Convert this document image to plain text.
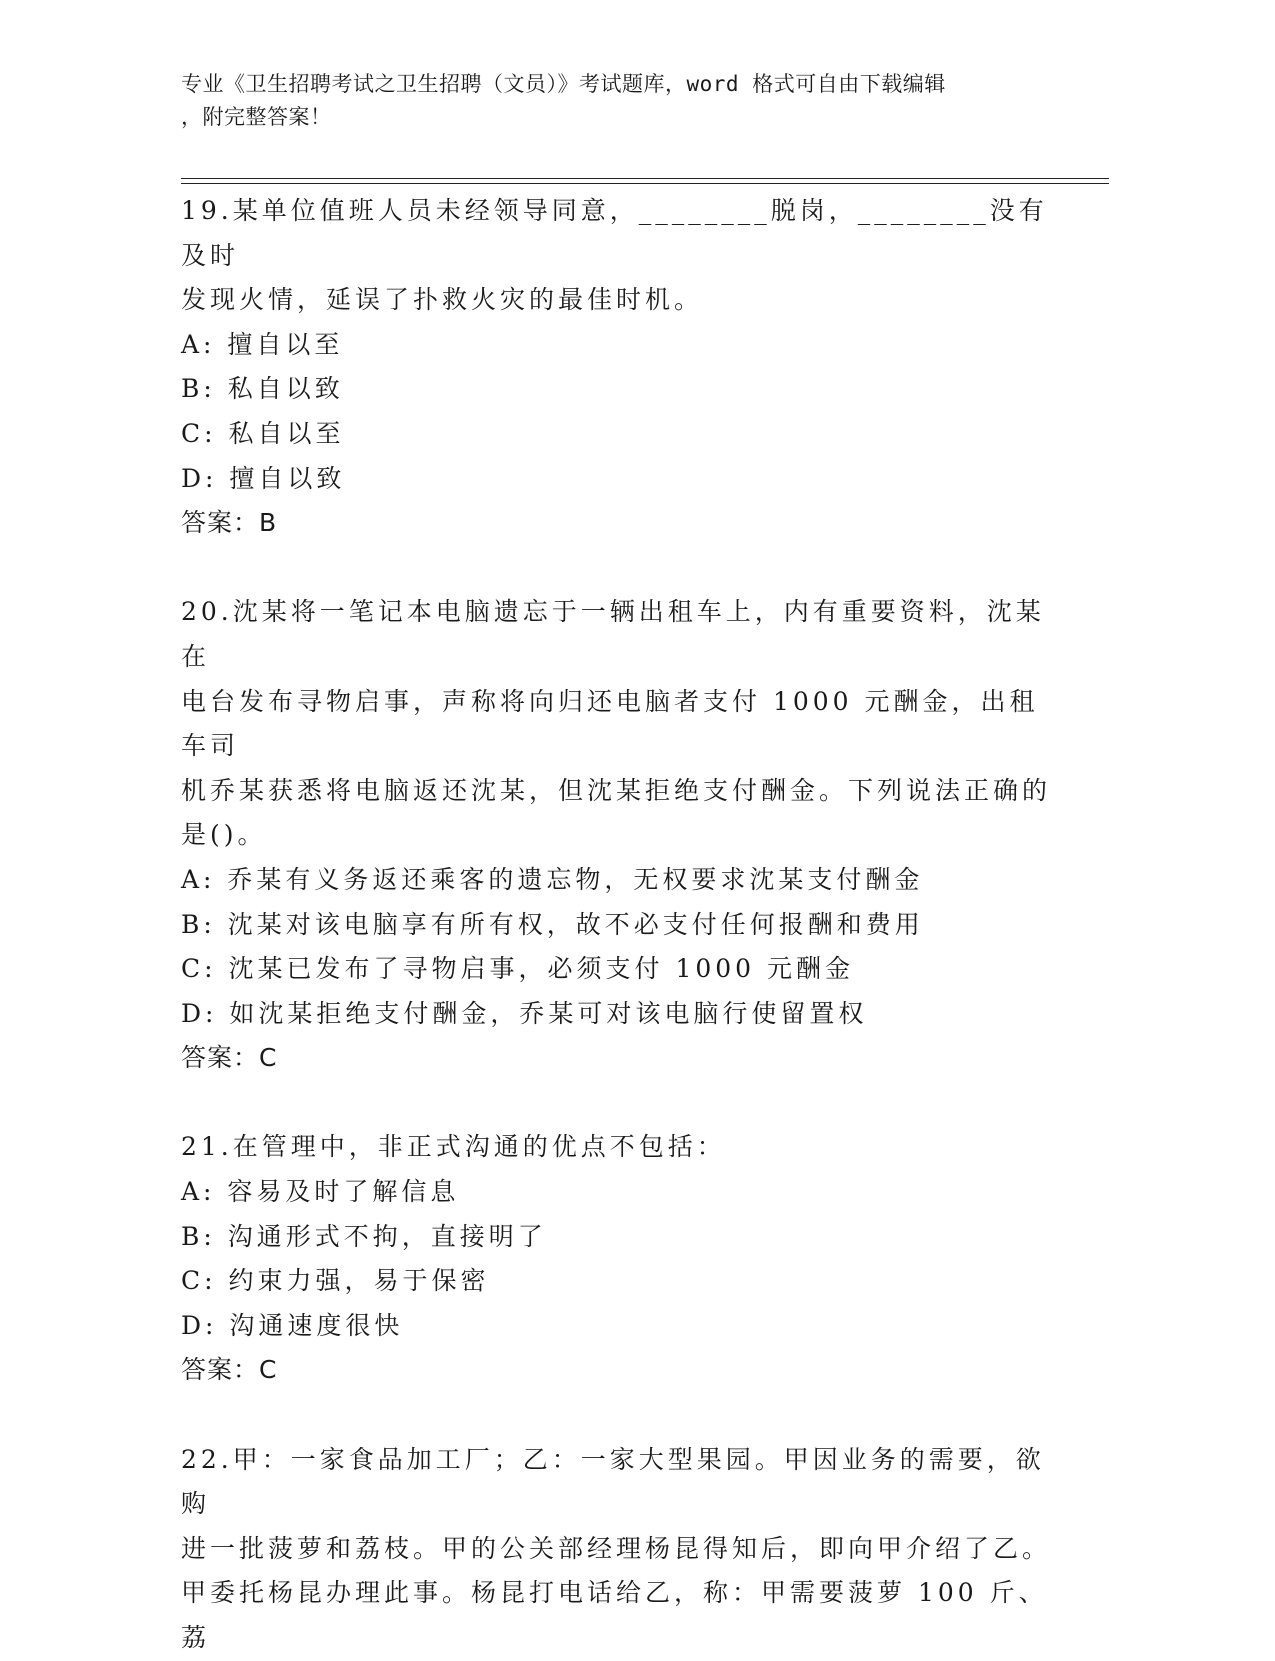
专业《卫生招聘考试之卫生招聘（文员）》考试题库，word 格式可自由下载编辑
，附完整答案！

19.某单位值班人员未经领导同意，________脱岗，________没有及时

发现火情，延误了扑救火灾的最佳时机。

A: 擅自以至

B: 私自以致

C: 私自以至

D: 擅自以致

答案：B

20.沈某将一笔记本电脑遗忘于一辆出租车上，内有重要资料，沈某在

电台发布寻物启事，声称将向归还电脑者支付 1000 元酬金，出租车司

机乔某获悉将电脑返还沈某，但沈某拒绝支付酬金。下列说法正确的

是()。

A: 乔某有义务返还乘客的遗忘物，无权要求沈某支付酬金

B: 沈某对该电脑享有所有权，故不必支付任何报酬和费用

C: 沈某已发布了寻物启事，必须支付 1000 元酬金

D: 如沈某拒绝支付酬金，乔某可对该电脑行使留置权

答案：C

21.在管理中，非正式沟通的优点不包括：

A: 容易及时了解信息

B: 沟通形式不拘，直接明了

C: 约束力强，易于保密

D: 沟通速度很快

答案：C

22.甲：一家食品加工厂；乙：一家大型果园。甲因业务的需要，欲购

进一批菠萝和荔枝。甲的公关部经理杨昆得知后，即向甲介绍了乙。

甲委托杨昆办理此事。杨昆打电话给乙，称：甲需要菠萝 100 斤、荔
